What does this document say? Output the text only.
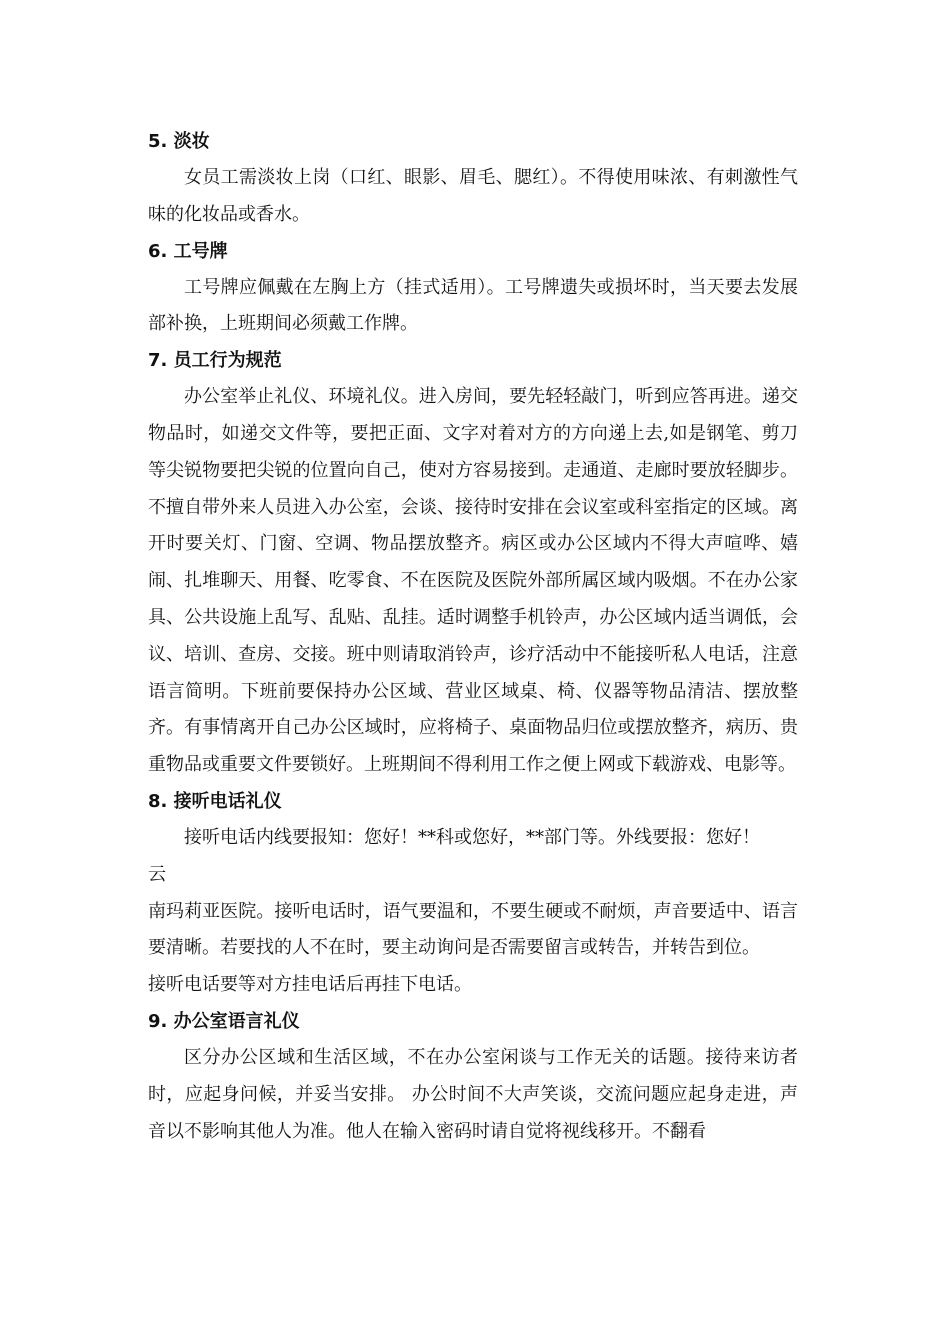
5. 淡妆

女员工需淡妆上岗（口红、眼影、眉毛、腮红）。不得使用味浓、有刺激性气味的化妆品或香水。

6. 工号牌

工号牌应佩戴在左胸上方（挂式适用）。工号牌遗失或损坏时，当天要去发展部补换，上班期间必须戴工作牌。

7. 员工行为规范

办公室举止礼仪、环境礼仪。进入房间，要先轻轻敲门，听到应答再进。递交物品时，如递交文件等，要把正面、文字对着对方的方向递上去,如是钢笔、剪刀等尖锐物要把尖锐的位置向自己，使对方容易接到。走通道、走廊时要放轻脚步。不擅自带外来人员进入办公室，会谈、接待时安排在会议室或科室指定的区域。离开时要关灯、门窗、空调、物品摆放整齐。病区或办公区域内不得大声喧哗、嬉闹、扎堆聊天、用餐、吃零食、不在医院及医院外部所属区域内吸烟。不在办公家具、公共设施上乱写、乱贴、乱挂。适时调整手机铃声，办公区域内适当调低，会议、培训、查房、交接。班中则请取消铃声，诊疗活动中不能接听私人电话，注意语言简明。下班前要保持办公区域、营业区域桌、椅、仪器等物品清洁、摆放整齐。有事情离开自己办公区域时，应将椅子、桌面物品归位或摆放整齐，病历、贵重物品或重要文件要锁好。上班期间不得利用工作之便上网或下载游戏、电影等。

8. 接听电话礼仪
接听电话内线要报知：您好！**科或您好，**部门等。外线要报：您好！
云

南玛莉亚医院。接听电话时，语气要温和，不要生硬或不耐烦，声音要适中、语言要清晰。若要找的人不在时，要主动询问是否需要留言或转告，并转告到位。

接听电话要等对方挂电话后再挂下电话。
9. 办公室语言礼仪

区分办公区域和生活区域，不在办公室闲谈与工作无关的话题。接待来访者时，应起身问候，并妥当安排。 办公时间不大声笑谈，交流问题应起身走进，声音以不影响其他人为准。他人在输入密码时请自觉将视线移开。不翻看
